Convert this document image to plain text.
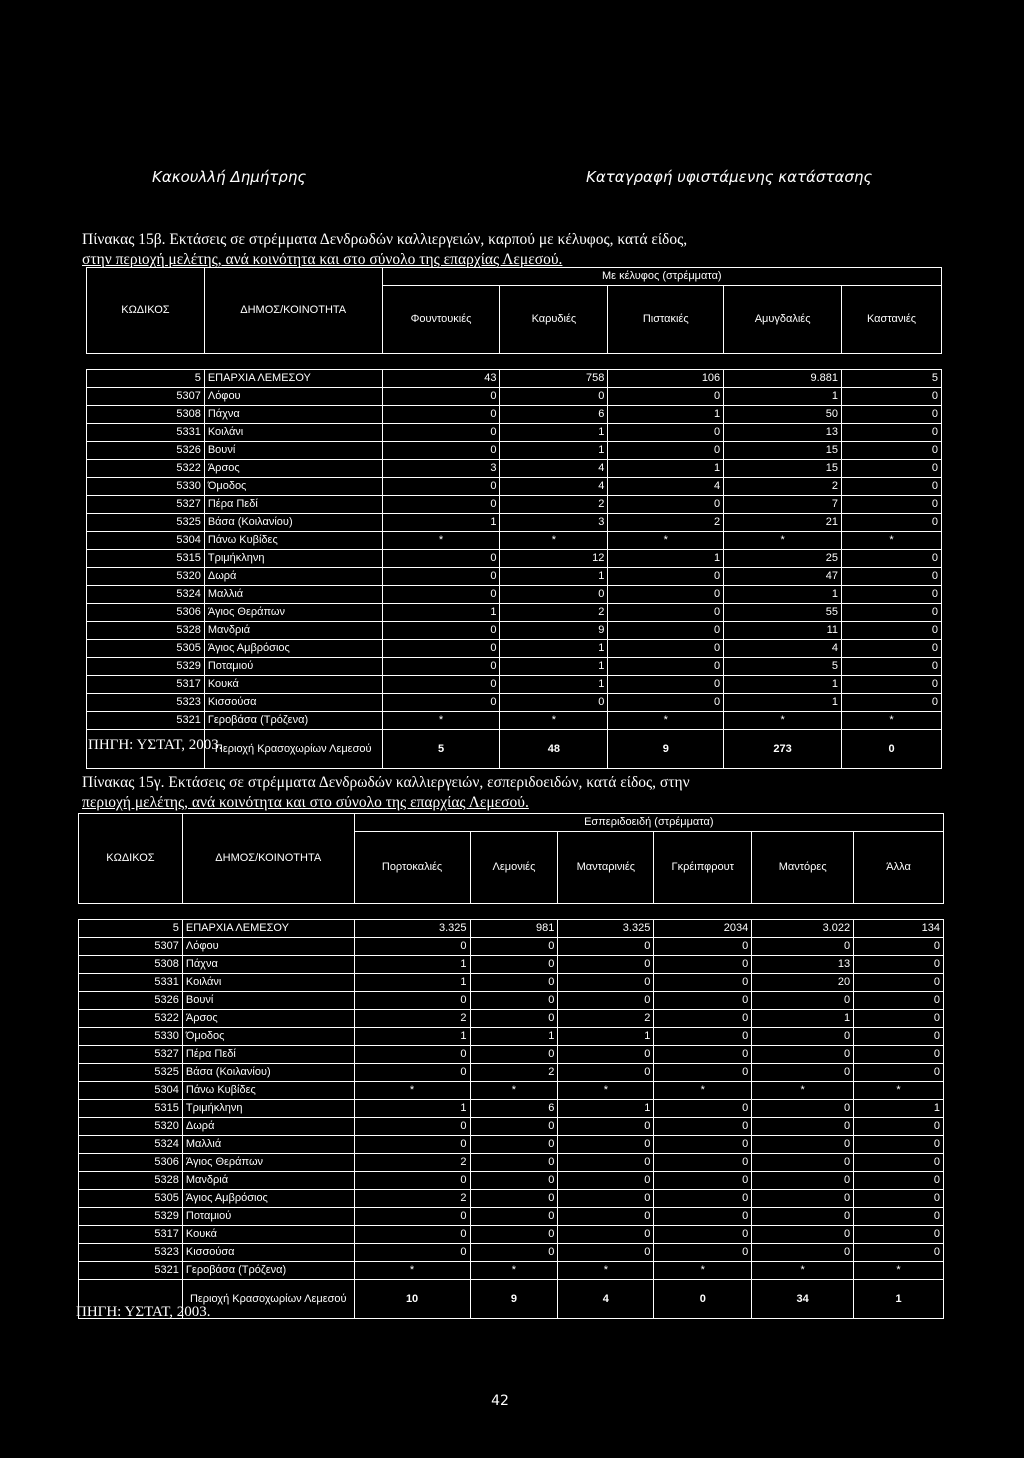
Κακουλλή Δημήτρης	Καταγραφή υφιστάμενης κατάστασης
Πίνακας 15β. Εκτάσεις σε στρέμματα Δενδρωδών καλλιεργειών, καρπού με κέλυφος, κατά είδος,
στην περιοχή μελέτης, ανά κοινότητα και στο σύνολο της επαρχίας Λεμεσού.
ΚΩΔΙΚΟΣ	ΔΗΜΟΣ/ΚΟΙΝΟΤΗΤΑ	Με κέλυφος (στρέμματα)				
		Φουντουκιές	Καρυδιές	Πιστακιές	Αμυγδαλιές	Καστανιές

5	ΕΠΑΡΧΙΑ ΛΕΜΕΣΟΥ	43	758	106	9.881	5
5307	Λόφου	0	0	0	1	0
5308	Πάχνα	0	6	1	50	0
5331	Κοιλάνι	0	1	0	13	0
5326	Βουνί	0	1	0	15	0
5322	Άρσος	3	4	1	15	0
5330	Όμοδος	0	4	4	2	0
5327	Πέρα Πεδί	0	2	0	7	0
5325	Βάσα (Κοιλανίου)	1	3	2	21	0
5304	Πάνω Κυβίδες	*	*	*	*	*
5315	Τριμήκληνη	0	12	1	25	0
5320	Δωρά	0	1	0	47	0
5324	Μαλλιά	0	0	0	1	0
5306	Άγιος Θεράπων	1	2	0	55	0
5328	Μανδριά	0	9	0	11	0
5305	Άγιος Αμβρόσιος	0	1	0	4	0
5329	Ποταμιού	0	1	0	5	0
5317	Κουκά	0	1	0	1	0
5323	Κισσούσα	0	0	0	1	0
5321	Γεροβάσα (Τρόζενα)	*	*	*	*	*
	Περιοχή Κρασοχωρίων Λεμεσού	5	48	9	273	0
ΠΗΓΗ: ΥΣΤΑΤ, 2003.
Πίνακας 15γ. Εκτάσεις σε στρέμματα Δενδρωδών καλλιεργειών, εσπεριδοειδών, κατά είδος, στην
περιοχή μελέτης, ανά κοινότητα και στο σύνολο της επαρχίας Λεμεσού.
ΚΩΔΙΚΟΣ	ΔΗΜΟΣ/ΚΟΙΝΟΤΗΤΑ	Εσπεριδοειδή (στρέμματα)					
		Πορτοκαλιές	Λεμονιές	Μανταρινιές	Γκρέιπφρουτ	Μαντόρες	Άλλα

5	ΕΠΑΡΧΙΑ ΛΕΜΕΣΟΥ	3.325	981	3.325	2034	3.022	134
5307	Λόφου	0	0	0	0	0	0
5308	Πάχνα	1	0	0	0	13	0
5331	Κοιλάνι	1	0	0	0	20	0
5326	Βουνί	0	0	0	0	0	0
5322	Άρσος	2	0	2	0	1	0
5330	Όμοδος	1	1	1	0	0	0
5327	Πέρα Πεδί	0	0	0	0	0	0
5325	Βάσα (Κοιλανίου)	0	2	0	0	0	0
5304	Πάνω Κυβίδες	*	*	*	*	*	*
5315	Τριμήκληνη	1	6	1	0	0	1
5320	Δωρά	0	0	0	0	0	0
5324	Μαλλιά	0	0	0	0	0	0
5306	Άγιος Θεράπων	2	0	0	0	0	0
5328	Μανδριά	0	0	0	0	0	0
5305	Άγιος Αμβρόσιος	2	0	0	0	0	0
5329	Ποταμιού	0	0	0	0	0	0
5317	Κουκά	0	0	0	0	0	0
5323	Κισσούσα	0	0	0	0	0	0
5321	Γεροβάσα (Τρόζενα)	*	*	*	*	*	*
	Περιοχή Κρασοχωρίων Λεμεσού	10	9	4	0	34	1
ΠΗΓΗ: ΥΣΤΑΤ, 2003.
42
